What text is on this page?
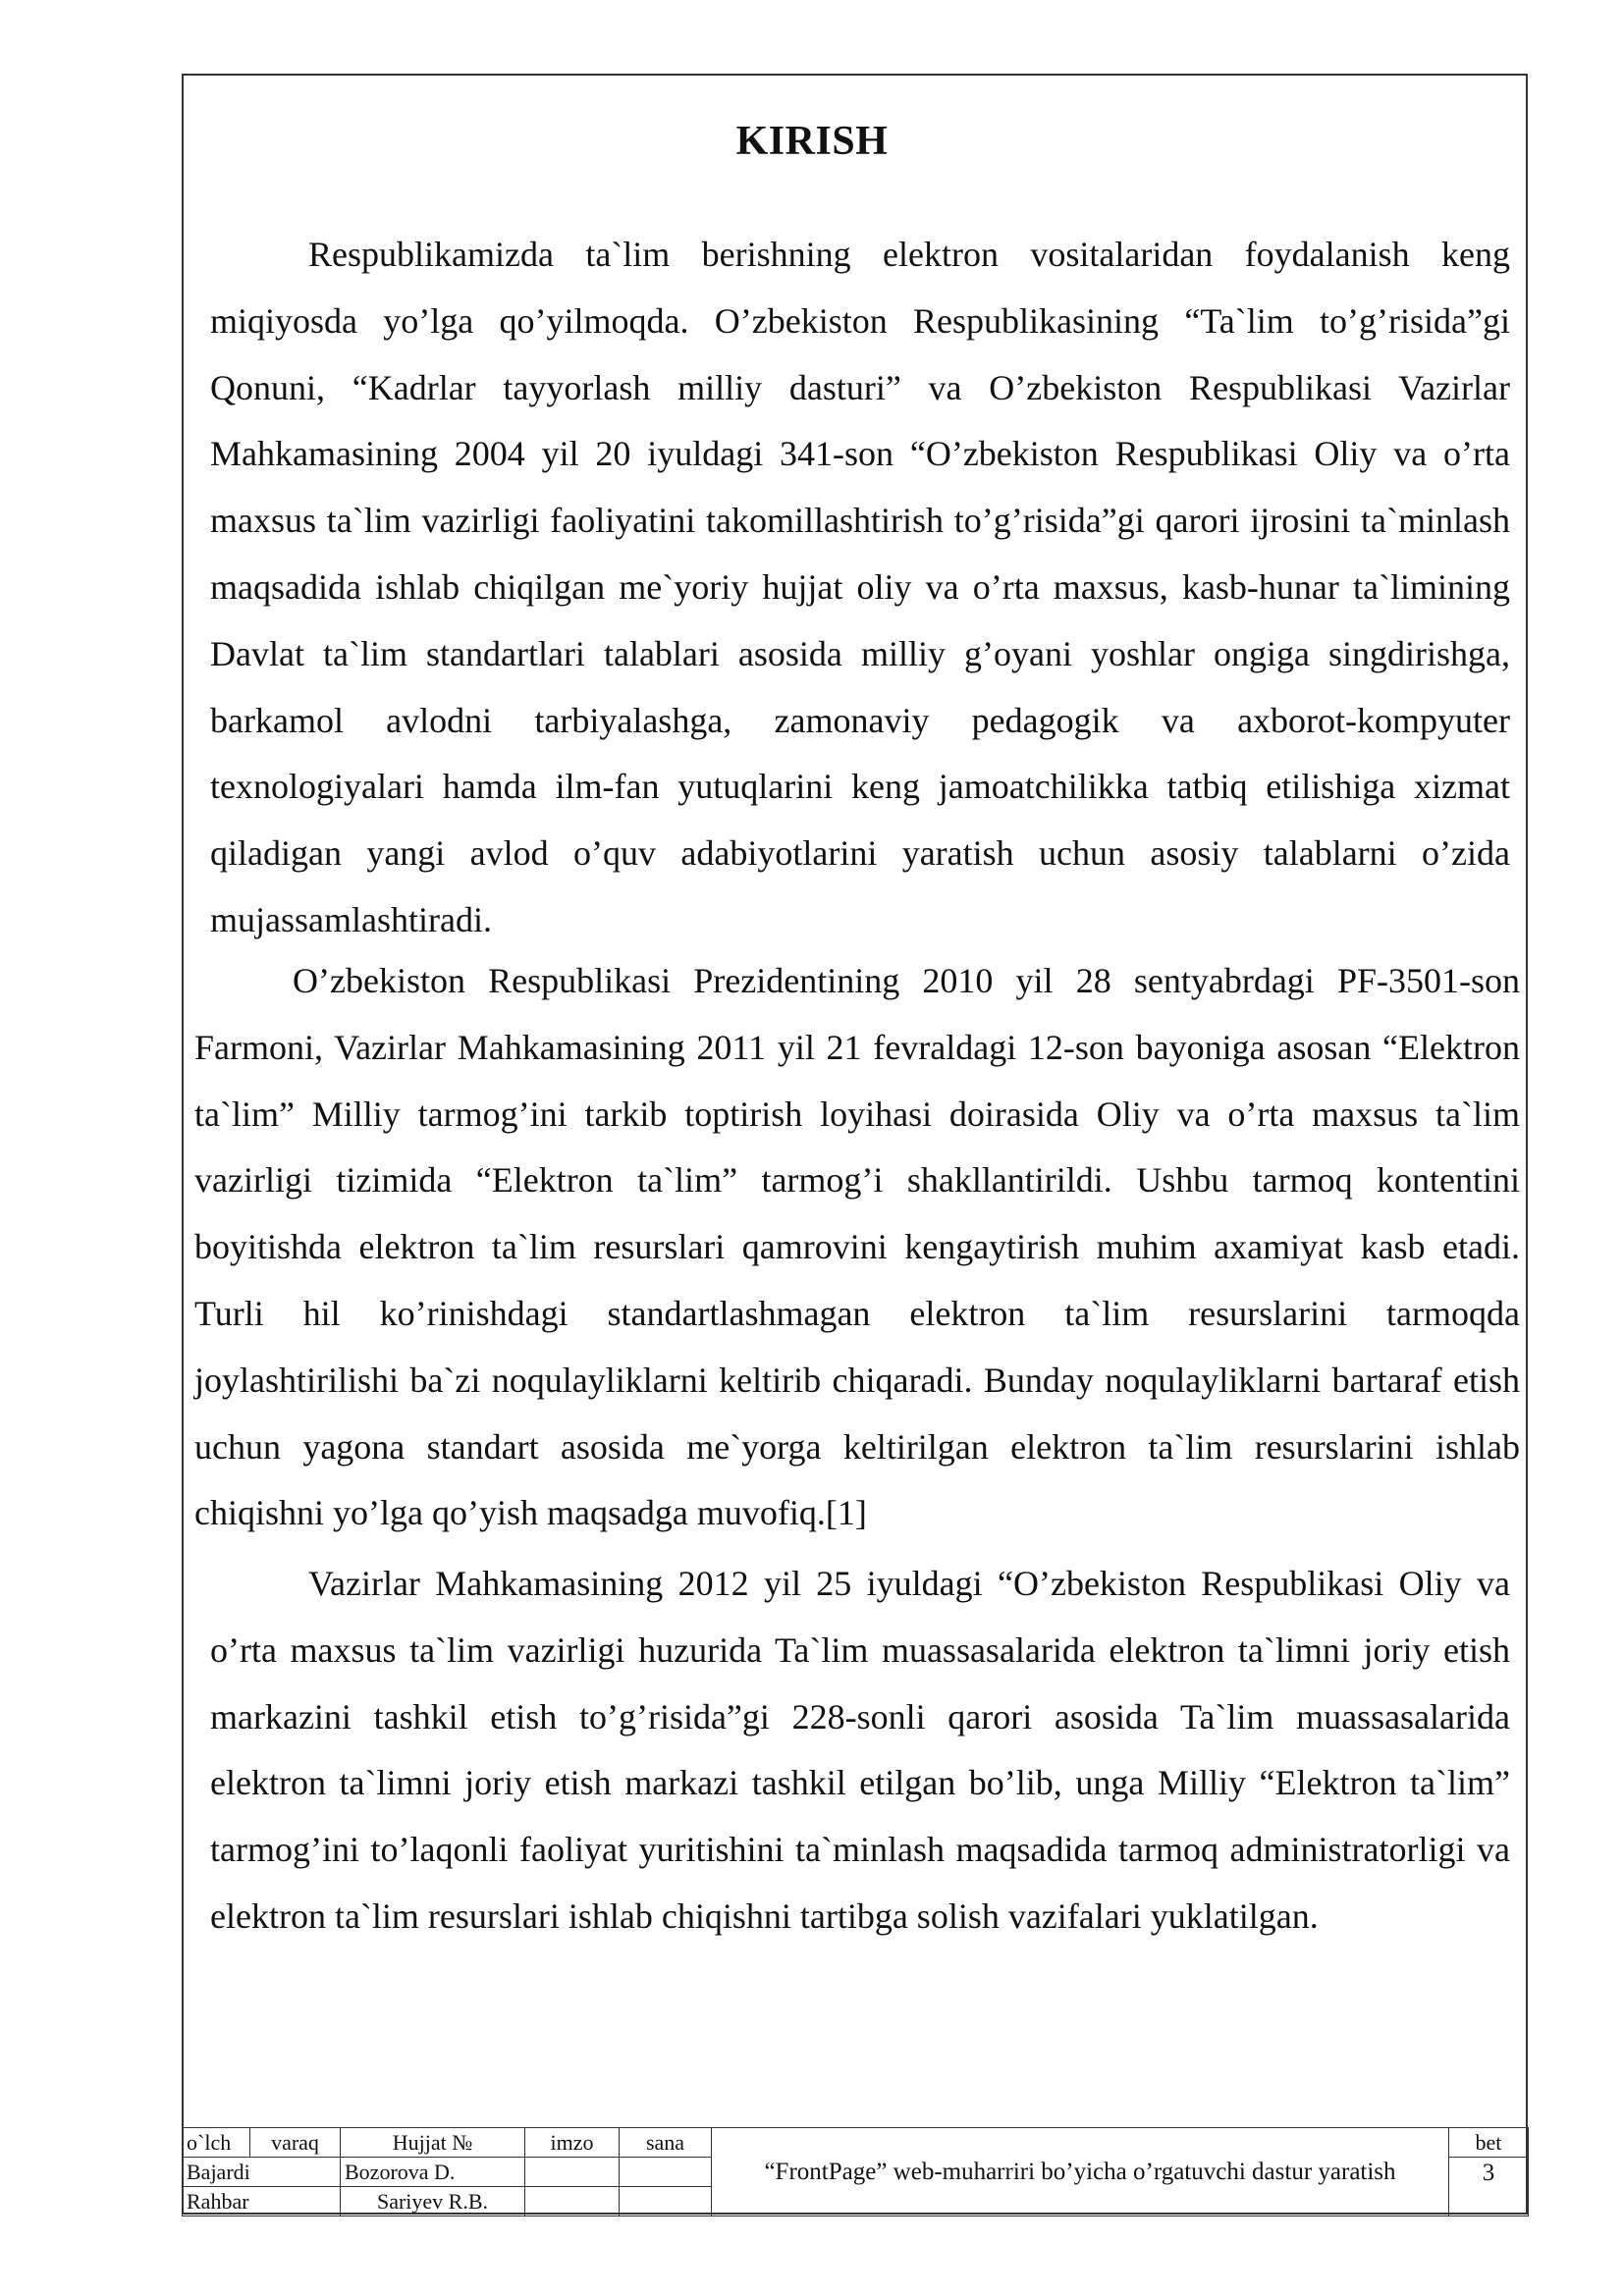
KIRISH

Respublikamizda ta`lim berishning elektron vositalaridan foydalanish keng miqiyosda yo’lga qo’yilmoqda. O’zbekiston Respublikasining “Ta`lim to’g’risida”gi Qonuni, “Kadrlar tayyorlash milliy dasturi” va O’zbekiston Respublikasi Vazirlar Mahkamasining 2004 yil 20 iyuldagi 341-son “O’zbekiston Respublikasi Oliy va o’rta maxsus ta`lim vazirligi faoliyatini takomillashtirish to’g’risida”gi qarori ijrosini ta`minlash maqsadida ishlab chiqilgan me`yoriy hujjat oliy va o’rta maxsus, kasb-hunar ta`limining Davlat ta`lim standartlari talablari asosida milliy g’oyani yoshlar ongiga singdirishga, barkamol avlodni tarbiyalashga, zamonaviy pedagogik va axborot-kompyuter texnologiyalari hamda ilm-fan yutuqlarini keng jamoatchilikka tatbiq etilishiga xizmat qiladigan yangi avlod o’quv adabiyotlarini yaratish uchun asosiy talablarni o’zida mujassamlashtiradi.

O’zbekiston Respublikasi Prezidentining 2010 yil 28 sentyabrdagi PF-3501-son Farmoni, Vazirlar Mahkamasining 2011 yil 21 fevraldagi 12-son bayoniga asosan “Elektron ta`lim” Milliy tarmog’ini tarkib toptirish loyihasi doirasida Oliy va o’rta maxsus ta`lim vazirligi tizimida “Elektron ta`lim” tarmog’i shakllantirildi. Ushbu tarmoq kontentini boyitishda elektron ta`lim resurslari qamrovini kengaytirish muhim axamiyat kasb etadi. Turli hil ko’rinishdagi standartlashmagan elektron ta`lim resurslarini tarmoqda joylashtirilishi ba`zi noqulayliklarni keltirib chiqaradi. Bunday noqulayliklarni bartaraf etish uchun yagona standart asosida me`yorga keltirilgan elektron ta`lim resurslarini ishlab chiqishni yo’lga qo’yish maqsadga muvofiq.[1]

Vazirlar Mahkamasining 2012 yil 25 iyuldagi “O’zbekiston Respublikasi Oliy va o’rta maxsus ta`lim vazirligi huzurida Ta`lim muassasalarida elektron ta`limni joriy etish markazini tashkil etish to’g’risida”gi 228-sonli qarori asosida Ta`lim muassasalarida elektron ta`limni joriy etish markazi tashkil etilgan bo’lib, unga Milliy “Elektron ta`lim” tarmog’ini to’laqonli faoliyat yuritishini ta`minlash maqsadida tarmoq administratorligi va elektron ta`lim resurslari ishlab chiqishni tartibga solish vazifalari yuklatilgan.

o`lch	varaq	Hujjat №	imzo	sana	“FrontPage” web-muharriri bo’yicha o’rgatuvchi dastur yaratish	bet
Bajardi		Bozorova D.				3
Rahbar		Sariyev R.B.				
